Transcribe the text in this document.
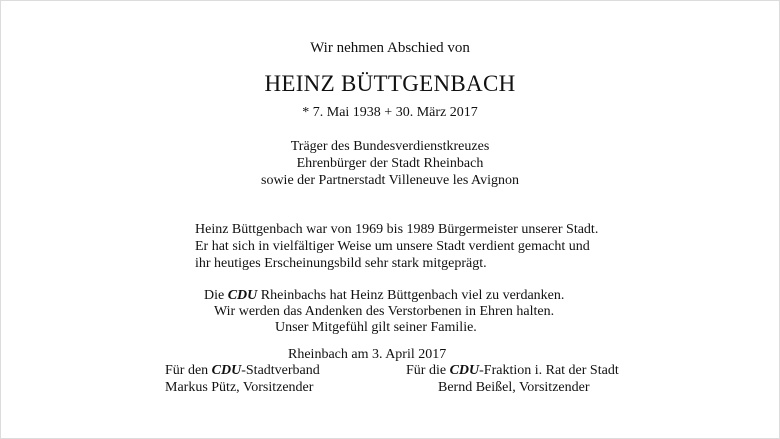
Wir nehmen Abschied von
HEINZ BÜTTGENBACH
* 7. Mai 1938 + 30. März 2017
Träger des Bundesverdienstkreuzes
Ehrenbürger der Stadt Rheinbach
sowie der Partnerstadt Villeneuve les Avignon
Heinz Büttgenbach war von 1969 bis 1989 Bürgermeister unserer Stadt.
Er hat sich in vielfältiger Weise um unsere Stadt verdient gemacht und
ihr heutiges Erscheinungsbild sehr stark mitgeprägt.
Die CDU Rheinbachs hat Heinz Büttgenbach viel zu verdanken.
Wir werden das Andenken des Verstorbenen in Ehren halten.
Unser Mitgefühl gilt seiner Familie.
Rheinbach am 3. April 2017
Für den CDU-Stadtverband
Markus Pütz, Vorsitzender
Für die CDU-Fraktion i. Rat der Stadt
Bernd Beißel, Vorsitzender
